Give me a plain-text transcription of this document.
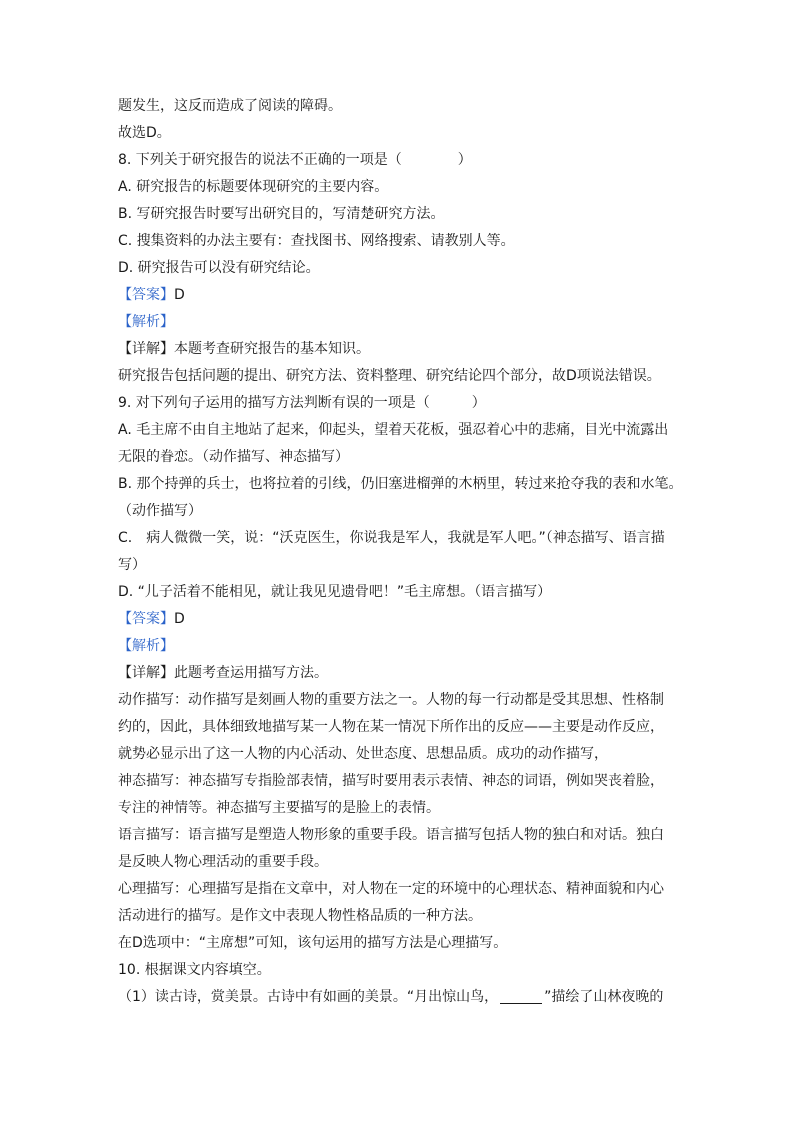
题发生，这反而造成了阅读的障碍。
故选D。
8. 下列关于研究报告的说法不正确的一项是（　　　　）
A. 研究报告的标题要体现研究的主要内容。
B. 写研究报告时要写出研究目的，写清楚研究方法。
C. 搜集资料的办法主要有：查找图书、网络搜索、请教别人等。
D. 研究报告可以没有研究结论。
【答案】D
【解析】
【详解】本题考查研究报告的基本知识。
研究报告包括问题的提出、研究方法、资料整理、研究结论四个部分，故D项说法错误。
9. 对下列句子运用的描写方法判断有误的一项是（　　　）
A. 毛主席不由自主地站了起来，仰起头，望着天花板，强忍着心中的悲痛，目光中流露出
无限的眷恋。（动作描写、神态描写）
B. 那个持弹的兵士，也将拉着的引线，仍旧塞进榴弹的木柄里，转过来抢夺我的表和水笔。
（动作描写）
C.　病人微微一笑，说：“沃克医生，你说我是军人，我就是军人吧。”（神态描写、语言描
写）
D. “儿子活着不能相见，就让我见见遗骨吧！”毛主席想。（语言描写）
【答案】D
【解析】
【详解】此题考查运用描写方法。
动作描写：动作描写是刻画人物的重要方法之一。人物的每一行动都是受其思想、性格制
约的，因此，具体细致地描写某一人物在某一情况下所作出的反应——主要是动作反应，
就势必显示出了这一人物的内心活动、处世态度、思想品质。成功的动作描写，
神态描写：神态描写专指脸部表情，描写时要用表示表情、神态的词语，例如哭丧着脸，
专注的神情等。神态描写主要描写的是脸上的表情。
语言描写：语言描写是塑造人物形象的重要手段。语言描写包括人物的独白和对话。独白
是反映人物心理活动的重要手段。
心理描写：心理描写是指在文章中，对人物在一定的环境中的心理状态、精神面貌和内心
活动进行的描写。是作文中表现人物性格品质的一种方法。
在D选项中：“主席想”可知，该句运用的描写方法是心理描写。
10. 根据课文内容填空。
（1）读古诗，赏美景。古诗中有如画的美景。“月出惊山鸟，	”描绘了山林夜晚的
